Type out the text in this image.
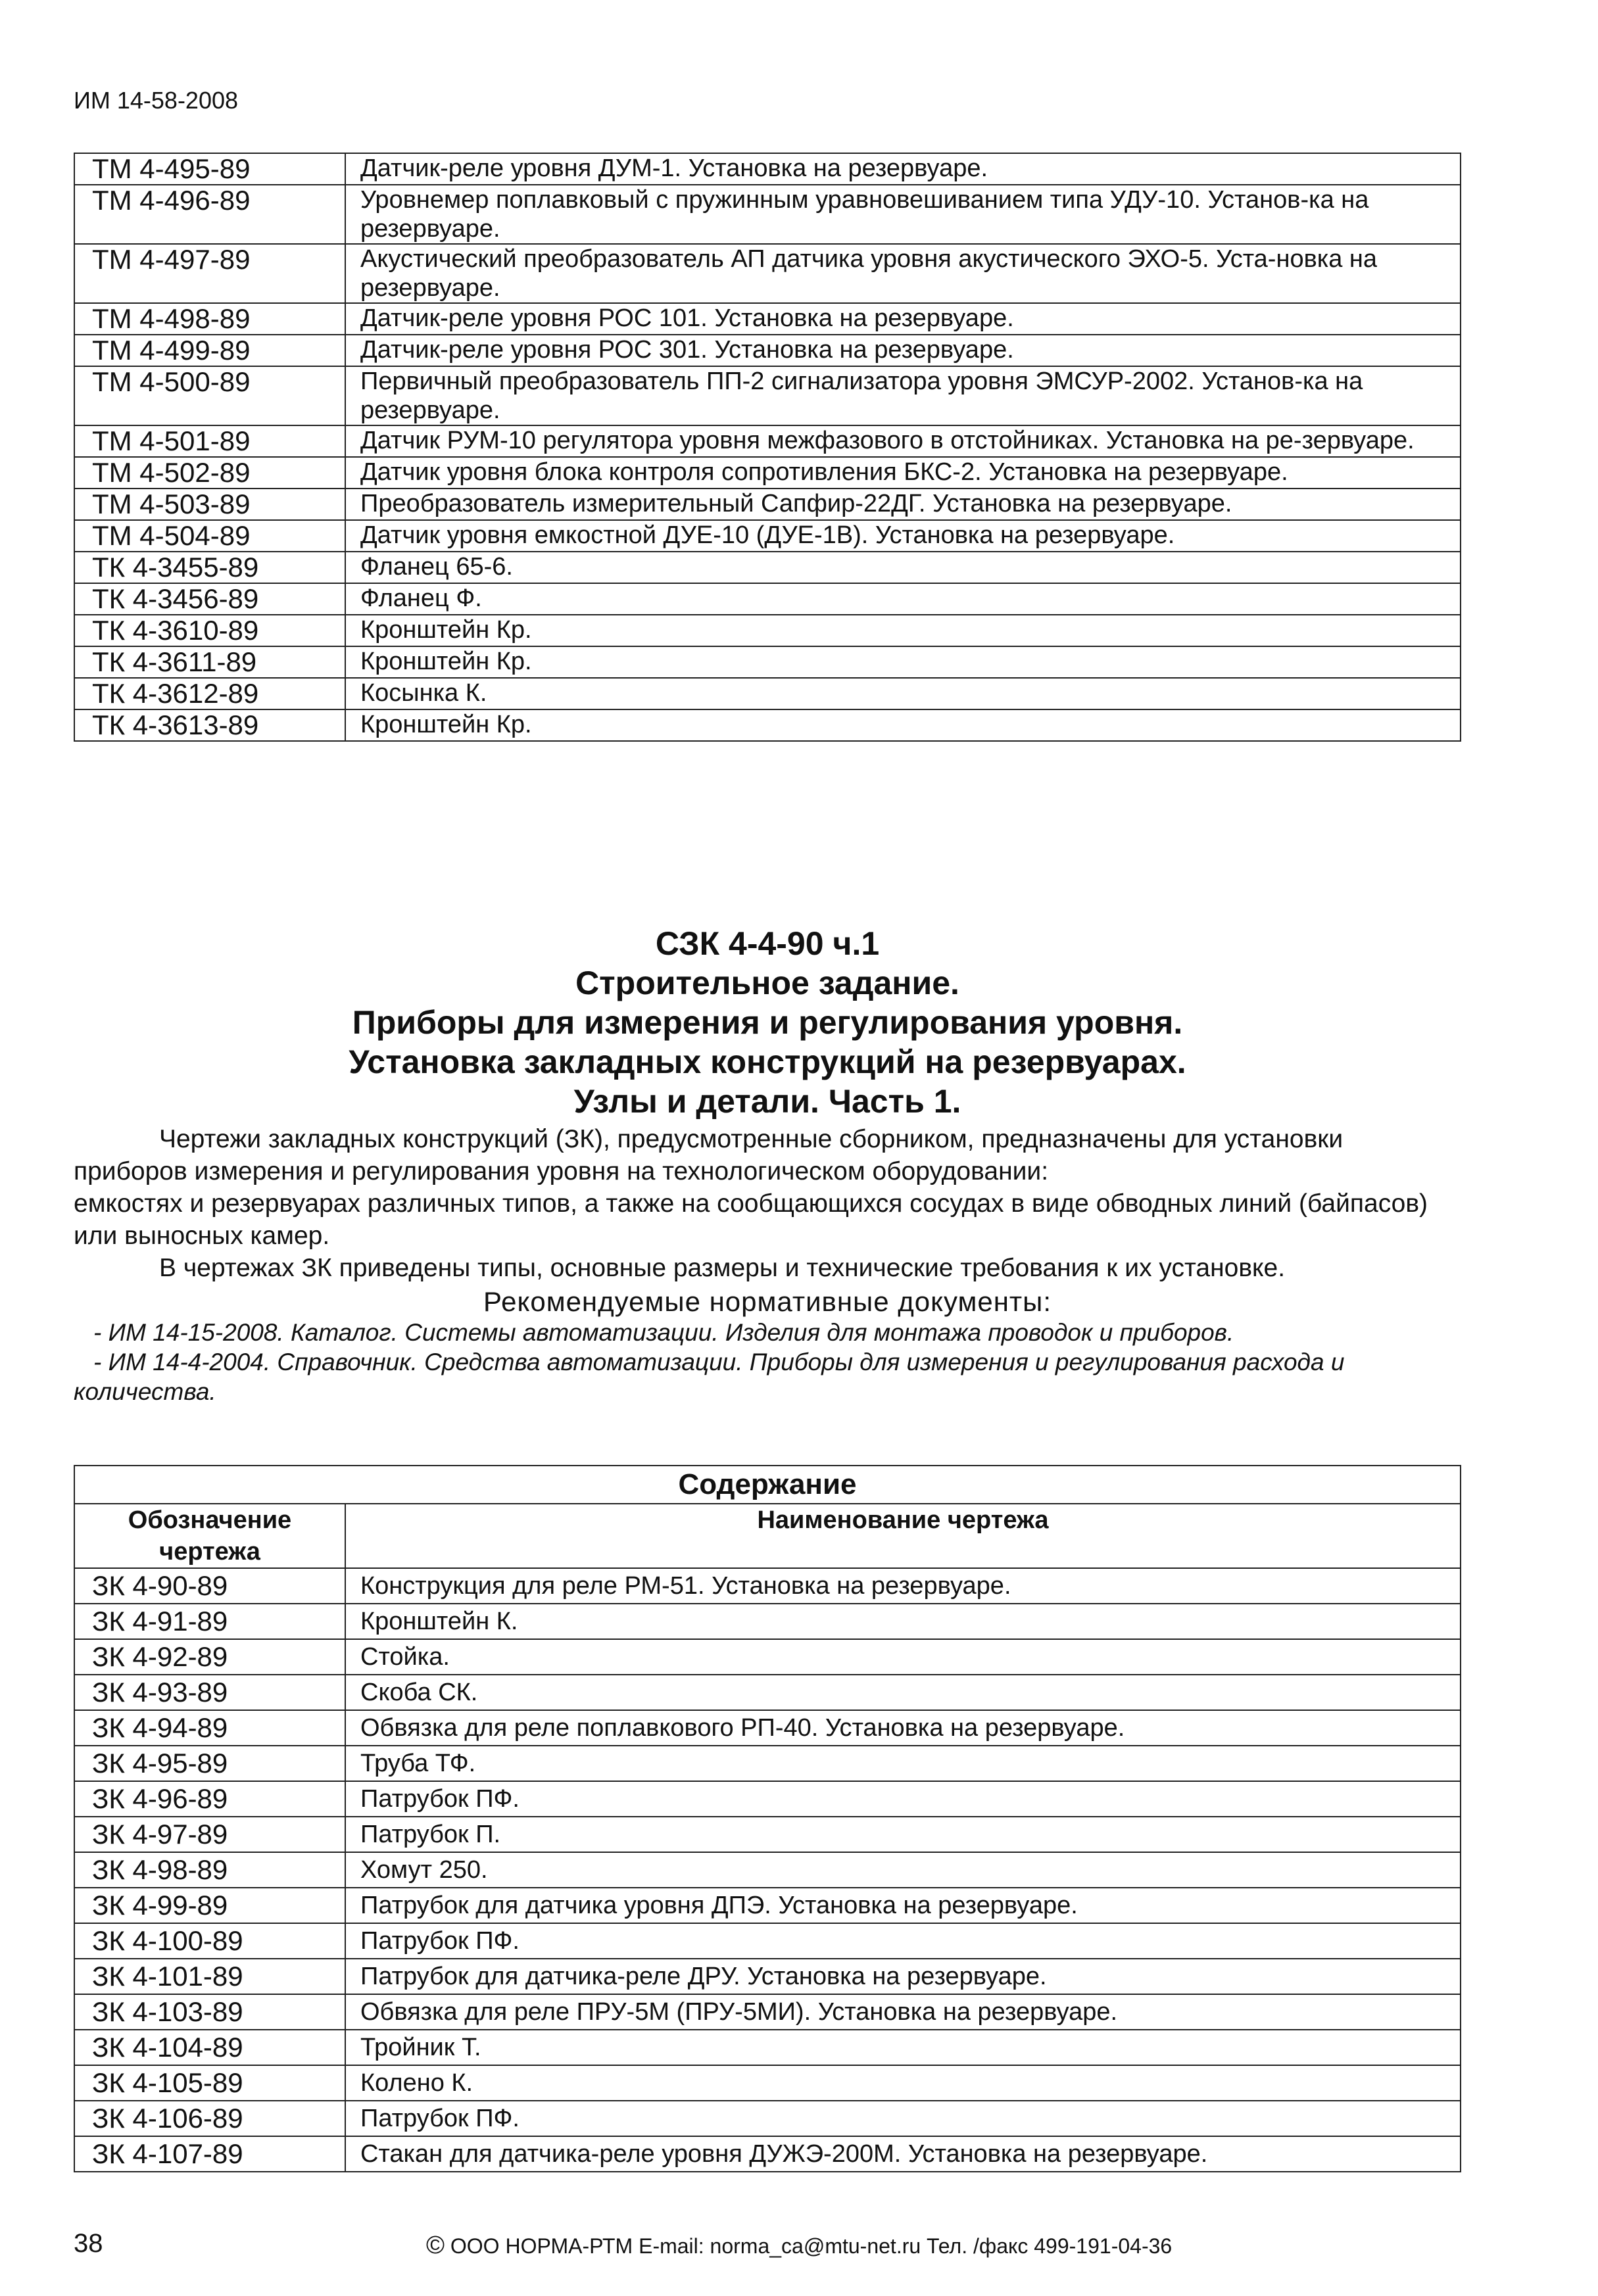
ИМ 14-58-2008
ТМ 4-495-89	Датчик-реле уровня ДУМ-1. Установка на резервуаре.
ТМ 4-496-89	Уровнемер поплавковый с пружинным уравновешиванием типа УДУ-10. Установ-ка на резервуаре.
ТМ 4-497-89	Акустический преобразователь АП датчика уровня акустического ЭХО-5. Уста-новка на резервуаре.
ТМ 4-498-89	Датчик-реле уровня РОС 101. Установка на резервуаре.
ТМ 4-499-89	Датчик-реле уровня РОС 301. Установка на резервуаре.
ТМ 4-500-89	Первичный преобразователь ПП-2 сигнализатора уровня ЭМСУР-2002. Установ-ка на резервуаре.
ТМ 4-501-89	Датчик РУМ-10 регулятора уровня межфазового в отстойниках. Установка на ре-зервуаре.
ТМ 4-502-89	Датчик уровня блока контроля сопротивления БКС-2. Установка на резервуаре.
ТМ 4-503-89	Преобразователь измерительный Сапфир-22ДГ. Установка на резервуаре.
ТМ 4-504-89	Датчик уровня емкостной ДУЕ-10 (ДУЕ-1В). Установка на резервуаре.
ТК 4-3455-89	Фланец 65-6.
ТК 4-3456-89	Фланец Ф.
ТК 4-3610-89	Кронштейн Кр.
ТК 4-3611-89	Кронштейн Кр.
ТК 4-3612-89	Косынка К.
ТК 4-3613-89	Кронштейн Кр.
СЗК 4-4-90 ч.1
Строительное задание.
Приборы для измерения и регулирования уровня.
Установка закладных конструкций на резервуарах.
Узлы и детали. Часть 1.

Чертежи закладных конструкций (ЗК), предусмотренные сборником, предназначены для установки приборов измерения и регулирования уровня на технологическом оборудовании:

емкостях и резервуарах различных типов, а также на сообщающихся сосудах в виде обводных линий (байпасов) или выносных камер.

В чертежах ЗК приведены типы, основные размеры и технические требования к их установке.

Рекомендуемые нормативные документы:

- ИМ 14-15-2008. Каталог. Системы автоматизации. Изделия для монтажа проводок и приборов.

- ИМ 14-4-2004. Справочник. Средства автоматизации. Приборы для измерения и регулирования расхода и количества.

Содержание	
Обозначение чертежа	Наименование чертежа
ЗК 4-90-89	Конструкция для реле РМ-51. Установка на резервуаре.
ЗК 4-91-89	Кронштейн К.
ЗК 4-92-89	Стойка.
ЗК 4-93-89	Скоба СК.
ЗК 4-94-89	Обвязка для реле поплавкового РП-40. Установка на резервуаре.
ЗК 4-95-89	Труба ТФ.
ЗК 4-96-89	Патрубок ПФ.
ЗК 4-97-89	Патрубок П.
ЗК 4-98-89	Хомут 250.
ЗК 4-99-89	Патрубок для датчика уровня ДПЭ. Установка на резервуаре.
ЗК 4-100-89	Патрубок ПФ.
ЗК 4-101-89	Патрубок для датчика-реле ДРУ. Установка на резервуаре.
ЗК 4-103-89	Обвязка для реле ПРУ-5М (ПРУ-5МИ). Установка на резервуаре.
ЗК 4-104-89	Тройник Т.
ЗК 4-105-89	Колено К.
ЗК 4-106-89	Патрубок ПФ.
ЗК 4-107-89	Стакан для датчика-реле уровня ДУЖЭ-200М. Установка на резервуаре.
38	© ООО НОРМА-РТМ E-mail: norma_ca@mtu-net.ru Тел. /факс 499-191-04-36
